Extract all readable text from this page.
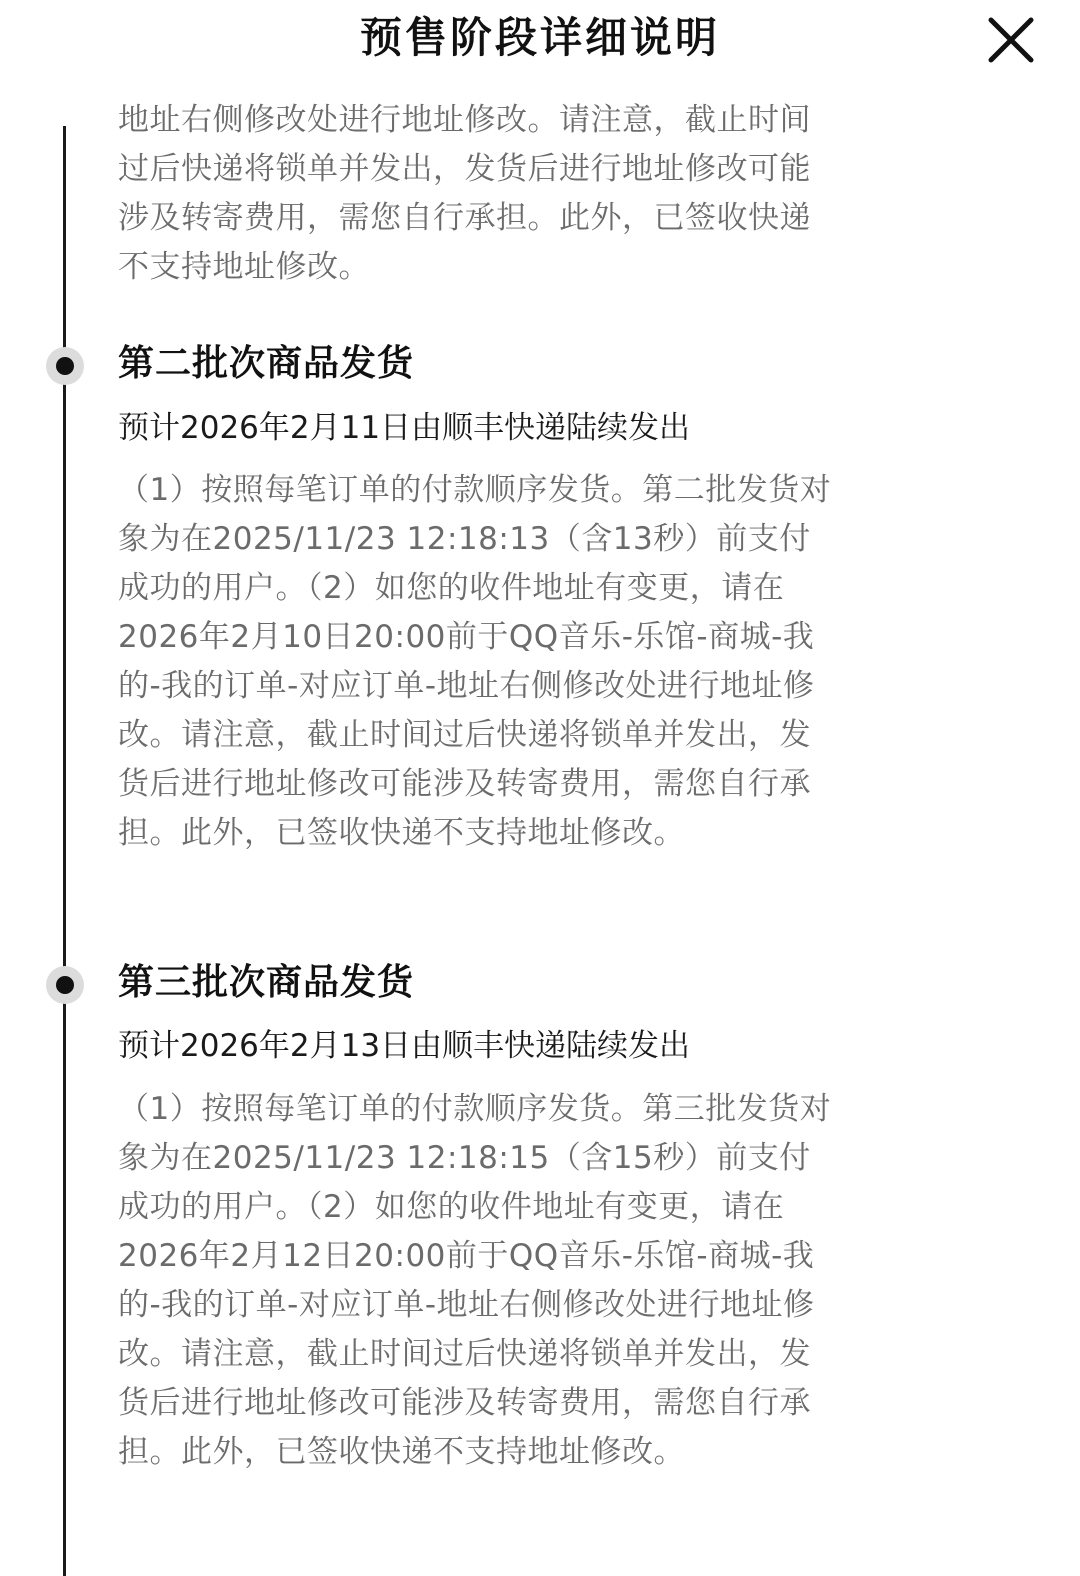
地址右侧修改处进行地址修改。请注意，截止时间过后快递将锁单并发出，发货后进行地址修改可能涉及转寄费用，需您自行承担。此外，已签收快递不支持地址修改。

第二批次商品发货
预计2026年2月11日由顺丰快递陆续发出

（1）按照每笔订单的付款顺序发货。第二批发货对象为在2025/11/23 12:18:13（含13秒）前支付成功的用户。（2）如您的收件地址有变更，请在2026年2月10日20:00前于QQ音乐-乐馆-商城-我的-我的订单-对应订单-地址右侧修改处进行地址修改。请注意，截止时间过后快递将锁单并发出，发货后进行地址修改可能涉及转寄费用，需您自行承担。此外，已签收快递不支持地址修改。

第三批次商品发货
预计2026年2月13日由顺丰快递陆续发出

（1）按照每笔订单的付款顺序发货。第三批发货对象为在2025/11/23 12:18:15（含15秒）前支付成功的用户。（2）如您的收件地址有变更，请在2026年2月12日20:00前于QQ音乐-乐馆-商城-我的-我的订单-对应订单-地址右侧修改处进行地址修改。请注意，截止时间过后快递将锁单并发出，发货后进行地址修改可能涉及转寄费用，需您自行承担。此外，已签收快递不支持地址修改。

预售阶段详细说明
